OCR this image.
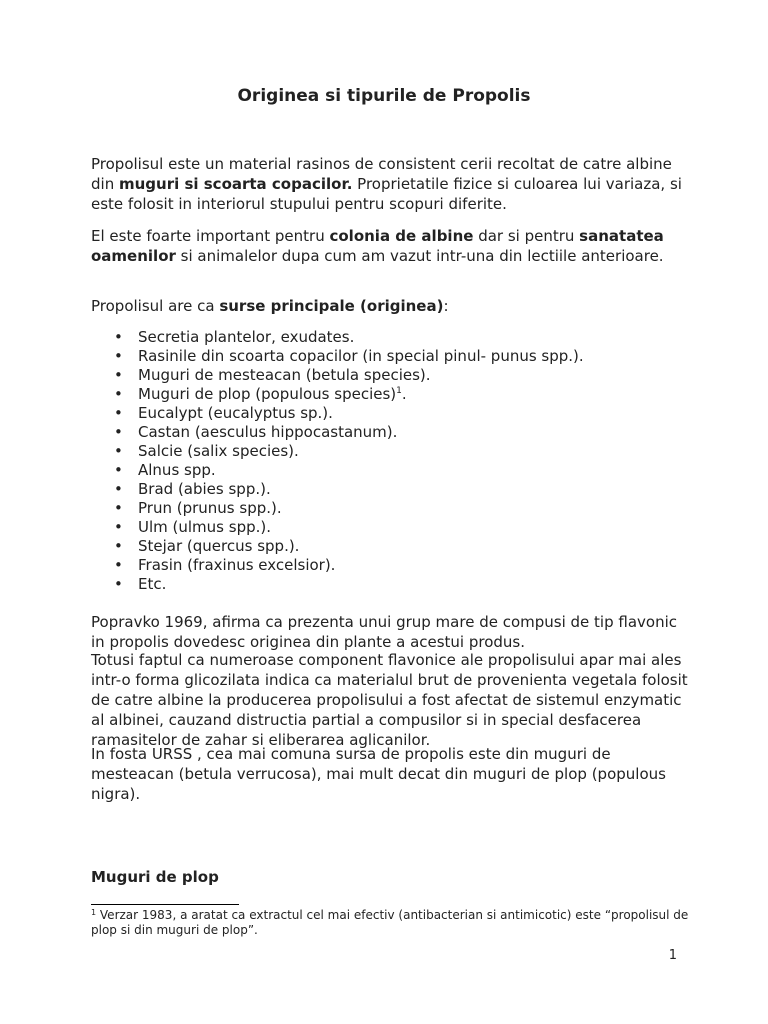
Originea si tipurile de Propolis
Propolisul este un material rasinos de consistent cerii recoltat de catre albine din muguri si scoarta copacilor. Proprietatile fizice si culoarea lui variaza, si este folosit in interiorul stupului pentru scopuri diferite.
El este foarte important pentru colonia de albine dar si pentru sanatatea oamenilor si animalelor dupa cum am vazut intr-una din lectiile anterioare.
Propolisul are ca surse principale (originea):
• Secretia plantelor, exudates.
• Rasinile din scoarta copacilor (in special pinul- punus spp.).
• Muguri de mesteacan (betula species).
• Muguri de plop (populous species)$^1$.
• Eucalypt (eucalyptus sp.).
• Castan (aesculus hippocastanum).
• Salcie (salix species).
• Alnus spp.
• Brad (abies spp.).
• Prun (prunus spp.).
• Ulm (ulmus spp.).
• Stejar (quercus spp.).
• Frasin (fraxinus excelsior).
• Etc.
Popravko 1969, afirma ca prezenta unui grup mare de compusi de tip flavonic in propolis dovedesc originea din plante a acestui produs.
Totusi faptul ca numeroase component flavonice ale propolisului apar mai ales intr-o forma glicozilata indica ca materialul brut de provenienta vegetala folosit de catre albine la producerea propolisului a fost afectat de sistemul enzymatic al albinei, cauzand distructia partial a compusilor si in special desfacerea ramasitelor de zahar si eliberarea aglicanilor.
In fosta URSS , cea mai comuna sursa de propolis este din muguri de mesteacan (betula verrucosa), mai mult decat din muguri de plop (populous nigra).
Muguri de plop
$^1$ Verzar 1983, a aratat ca extractul cel mai efectiv (antibacterian si antimicotic) este “propolisul de plop si din muguri de plop”.
1
